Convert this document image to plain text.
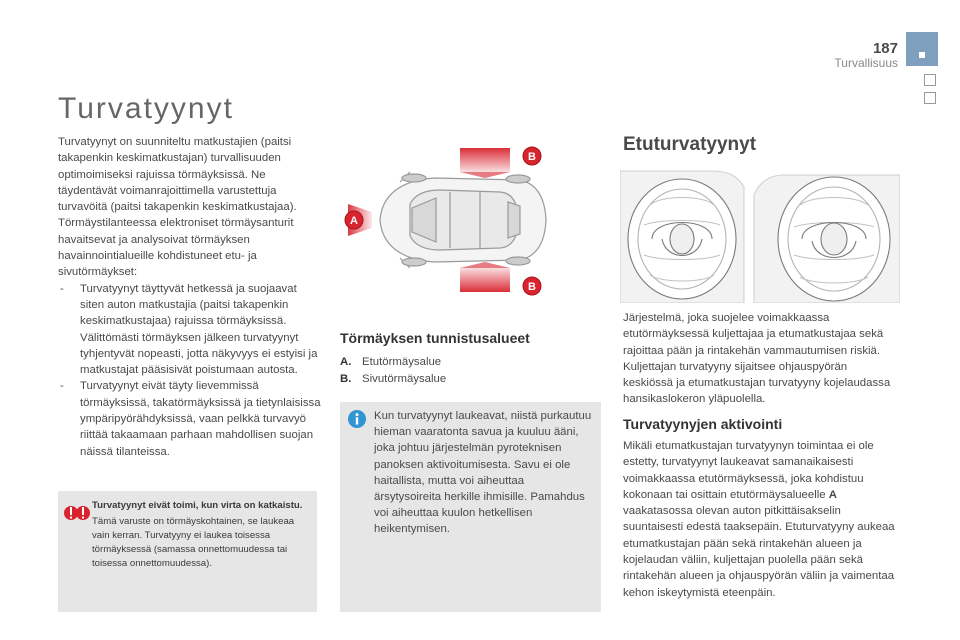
187
Turvallisuus
Turvatyynyt

Turvatyynyt on suunniteltu matkustajien (paitsi takapenkin keskimatkustajan) turvallisuuden optimoimiseksi rajuissa törmäyksissä. Ne täydentävät voimanrajoittimella varustettuja turvavöitä (paitsi takapenkin keskimatkustajaa). Törmäystilanteessa elektroniset törmäysanturit havaitsevat ja analysoivat törmäyksen havainnointialueille kohdistuneet etu- ja sivutörmäykset:

- Turvatyynyt täyttyvät hetkessä ja suojaavat siten auton matkustajia (paitsi takapenkin keskimatkustajaa) rajuissa törmäyksissä. Välittömästi törmäyksen jälkeen turvatyynyt tyhjentyvät nopeasti, jotta näkyvyys ei estyisi ja matkustajat pääsisivät poistumaan autosta.
- Turvatyynyt eivät täyty lievemmissä törmäyksissä, takatörmäyksissä ja tietynlaisissa ympäripyörähdyksissä, vaan pelkkä turvavyö riittää takaamaan parhaan mahdollisen suojan näissä tilanteissa.
Turvatyynyt eivät toimi, kun virta on katkaistu.
Tämä varuste on törmäyskohtainen, se laukeaa vain kerran. Turvatyyny ei laukea toisessa törmäyksessä (samassa onnettomuudessa tai toisessa onnettomuudessa).
A
B
B
Törmäyksen tunnistusalueet
A. Etutörmäysalue
B. Sivutörmäysalue
Kun turvatyynyt laukeavat, niistä purkautuu hieman vaaratonta savua ja kuuluu ääni, joka johtuu järjestelmän pyroteknisen panoksen aktivoitumisesta. Savu ei ole haitallista, mutta voi aiheuttaa ärsytysoireita herkille ihmisille. Pamahdus voi aiheuttaa kuulon hetkellisen heikentymisen.
Etuturvatyynyt
Järjestelmä, joka suojelee voimakkaassa etutörmäyksessä kuljettajaa ja etumatkustajaa sekä rajoittaa pään ja rintakehän vammautumisen riskiä. Kuljettajan turvatyyny sijaitsee ohjauspyörän keskiössä ja etumatkustajan turvatyyny kojelaudassa hansikaslokeron yläpuolella.
Turvatyynyjen aktivointi
Mikäli etumatkustajan turvatyynyn toimintaa ei ole estetty, turvatyynyt laukeavat samanaikaisesti voimakkaassa etutörmäyksessä, joka kohdistuu kokonaan tai osittain etutörmäysalueelle A vaakatasossa olevan auton pitkittäisakselin suuntaisesti edestä taaksepäin. Etuturvatyyny aukeaa etumatkustajan pään sekä rintakehän alueen ja kojelaudan väliin, kuljettajan puolella pään sekä rintakehän alueen ja ohjauspyörän väliin ja vaimentaa kehon iskeytymistä eteenpäin.
